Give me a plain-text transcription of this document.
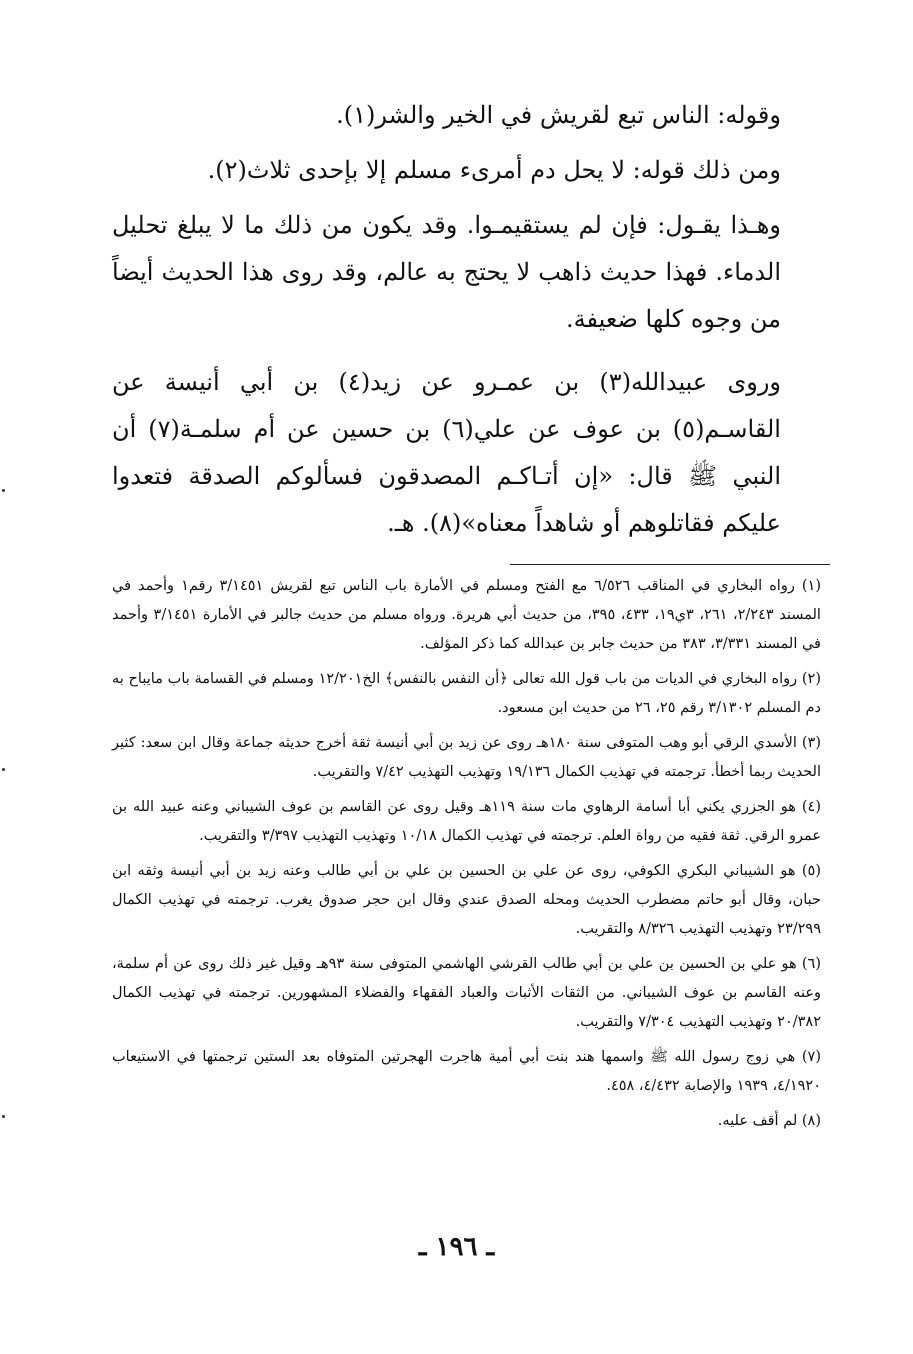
وقوله: الناس تبع لقريش في الخير والشر(١).

ومن ذلك قوله: لا يحل دم أمرىء مسلم إلا بإحدى ثلاث(٢).

وهـذا يقـول: فإن لم يستقيمـوا. وقد يكون من ذلك ما لا يبلغ تحليل الدماء. فهذا حديث ذاهب لا يحتج به عالم، وقد روى هذا الحديث أيضاً من وجوه كلها ضعيفة.

وروى عبيدالله(٣) بن عمـرو عن زيد(٤) بن أبي أنيسة عن القاسـم(٥) بن عوف عن علي(٦) بن حسين عن أم سلمـة(٧) أن النبي ﷺ قال: «إن أتـاكـم المصدقون فسألوكم الصدقة فتعدوا عليكم فقاتلوهم أو شاهداً معناه»(٨). هـ.

(١) رواه البخاري في المناقب ٦/٥٢٦ مع الفتح ومسلم في الأمارة باب الناس تبع لقريش ٣/١٤٥١ رقم١ وأحمد في المسند ٢/٢٤٣، ٢٦١، ٣ي١٩، ٤٣٣، ٣٩٥، من حديث أبي هريرة. ورواه مسلم من حديث جالبر في الأمارة ٣/١٤٥١ وأحمد في المسند ٣/٣٣١، ٣٨٣ من حديث جابر بن عبدالله كما ذكر المؤلف.

(٢) رواه البخاري في الديات من باب قول الله تعالى ﴿أن النفس بالنفس﴾ الخ١٢/٢٠١ ومسلم في القسامة باب مايباح به دم المسلم ٣/١٣٠٢ رقم ٢٥، ٢٦ من حديث ابن مسعود.

(٣) الأسدي الرقي أبو وهب المتوفى سنة ١٨٠هـ روى عن زيد بن أبي أنيسة ثقة أخرج حديثه جماعة وقال ابن سعد: كثير الحديث ربما أخطأ. ترجمته في تهذيب الكمال ١٩/١٣٦ وتهذيب التهذيب ٧/٤٢ والتقريب.

(٤) هو الجزري يكني أبا أسامة الرهاوي مات سنة ١١٩هـ وقيل روى عن القاسم بن عوف الشيباني وعنه عبيد الله بن عمرو الرقي. ثقة فقيه من رواة العلم. ترجمته في تهذيب الكمال ١٠/١٨ وتهذيب التهذيب ٣/٣٩٧ والتقريب.

(٥) هو الشيباني البكري الكوفي، روى عن علي بن الحسين بن علي بن أبي طالب وعنه زيد بن أبي أنيسة وثقه ابن حبان، وقال أبو حاتم مضطرب الحديث ومحله الصدق عندي وقال ابن حجر صدوق يغرب. ترجمته في تهذيب الكمال ٢٣/٢٩٩ وتهذيب التهذيب ٨/٣٢٦ والتقريب.

(٦) هو علي بن الحسين بن علي بن أبي طالب القرشي الهاشمي المتوفى سنة ٩٣هـ وقيل غير ذلك روى عن أم سلمة، وعنه القاسم بن عوف الشيباني. من الثقات الأثبات والعباد الفقهاء والفضلاء المشهورين. ترجمته في تهذيب الكمال ٢٠/٣٨٢ وتهذيب التهذيب ٧/٣٠٤ والتقريب.

(٧) هي زوج رسول الله ﷺ واسمها هند بنت أبي أمية هاجرت الهجرتين المتوفاه بعد الستين ترجمتها في الاستيعاب ٤/١٩٢٠، ١٩٣٩ والإصابة ٤/٤٣٢، ٤٥٨.

(٨) لم أقف عليه.

ـ ١٩٦ ـ
